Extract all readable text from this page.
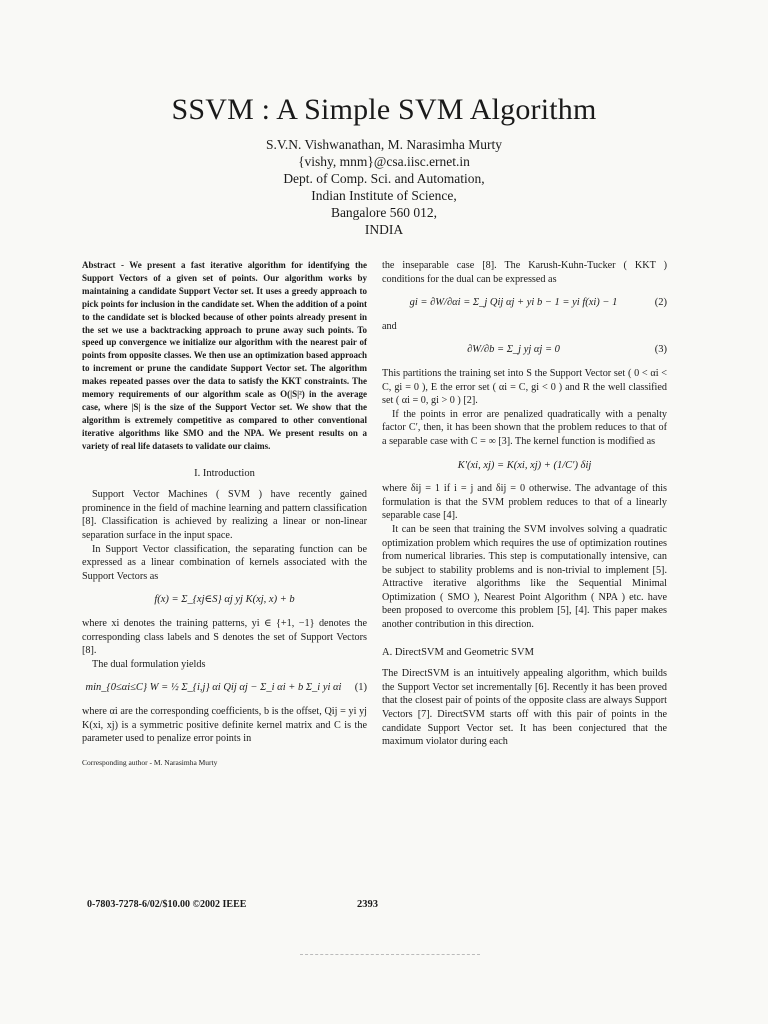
SSVM : A Simple SVM Algorithm
S.V.N. Vishwanathan, M. Narasimha Murty
{vishy, mnm}@csa.iisc.ernet.in
Dept. of Comp. Sci. and Automation,
Indian Institute of Science,
Bangalore 560 012,
INDIA

Abstract - We present a fast iterative algorithm for identifying the Support Vectors of a given set of points. Our algorithm works by maintaining a candidate Support Vector set. It uses a greedy approach to pick points for inclusion in the candidate set. When the addition of a point to the candidate set is blocked because of other points already present in the set we use a backtracking approach to prune away such points. To speed up convergence we initialize our algorithm with the nearest pair of points from opposite classes. We then use an optimization based approach to increment or prune the candidate Support Vector set. The algorithm makes repeated passes over the data to satisfy the KKT constraints. The memory requirements of our algorithm scale as O(|S|²) in the average case, where |S| is the size of the Support Vector set. We show that the algorithm is extremely competitive as compared to other conventional iterative algorithms like SMO and the NPA. We present results on a variety of real life datasets to validate our claims.

I. Introduction

Support Vector Machines ( SVM ) have recently gained prominence in the field of machine learning and pattern classification [8]. Classification is achieved by realizing a linear or non-linear separation surface in the input space.

In Support Vector classification, the separating function can be expressed as a linear combination of kernels associated with the Support Vectors as

f(x) = Σ_{xj∈S} αj yj K(xj, x) + b

where xi denotes the training patterns, yi ∈ {+1, −1} denotes the corresponding class labels and S denotes the set of Support Vectors [8].

The dual formulation yields

min_{0≤αi≤C} W = ½ Σ_{i,j} αi Qij αj − Σ_i αi + b Σ_i yi αi	(1)

where αi are the corresponding coefficients, b is the offset, Qij = yi yj K(xi, xj) is a symmetric positive definite kernel matrix and C is the parameter used to penalize error points in

Corresponding author - M. Narasimha Murty

the inseparable case [8]. The Karush-Kuhn-Tucker ( KKT ) conditions for the dual can be expressed as

gi = ∂W/∂αi = Σ_j Qij αj + yi b − 1 = yi f(xi) − 1	(2)

and

∂W/∂b = Σ_j yj αj = 0	(3)

This partitions the training set into S the Support Vector set ( 0 < αi < C, gi = 0 ), E the error set ( αi = C, gi < 0 ) and R the well classified set ( αi = 0, gi > 0 ) [2].

If the points in error are penalized quadratically with a penalty factor C′, then, it has been shown that the problem reduces to that of a separable case with C = ∞ [3]. The kernel function is modified as

K′(xi, xj) = K(xi, xj) + (1/C′) δij

where δij = 1 if i = j and δij = 0 otherwise. The advantage of this formulation is that the SVM problem reduces to that of a linearly separable case [4].

It can be seen that training the SVM involves solving a quadratic optimization problem which requires the use of optimization routines from numerical libraries. This step is computationally intensive, can be subject to stability problems and is non-trivial to implement [5]. Attractive iterative algorithms like the Sequential Minimal Optimization ( SMO ), Nearest Point Algorithm ( NPA ) etc. have been proposed to overcome this problem [5], [4]. This paper makes another contribution in this direction.

A. DirectSVM and Geometric SVM

The DirectSVM is an intuitively appealing algorithm, which builds the Support Vector set incrementally [6]. Recently it has been proved that the closest pair of points of the opposite class are always Support Vectors [7]. DirectSVM starts off with this pair of points in the candidate Support Vector set. It has been conjectured that the maximum violator during each

0-7803-7278-6/02/$10.00 ©2002 IEEE	2393
